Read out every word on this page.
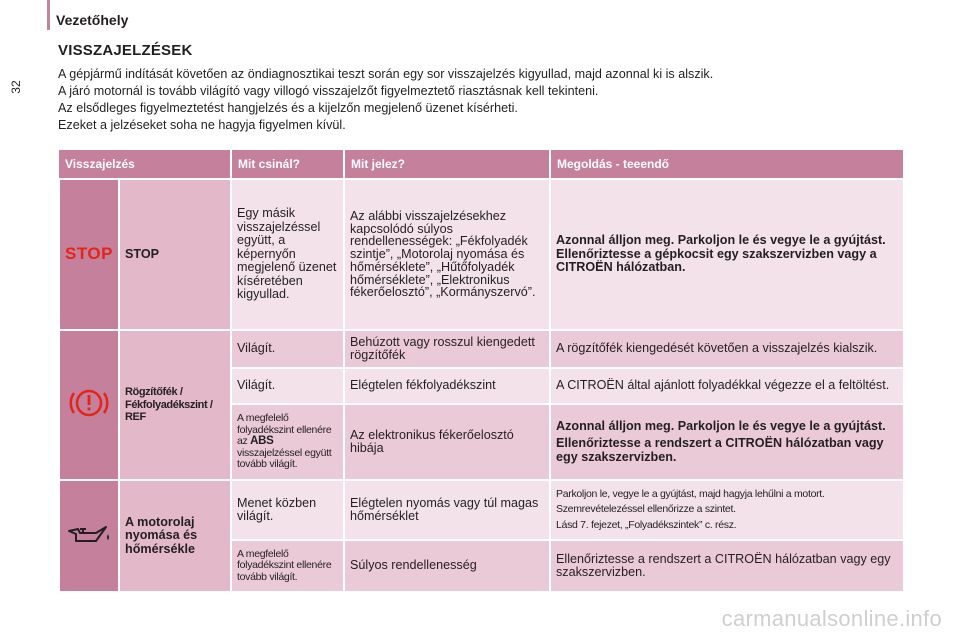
Vezetőhely
32
VISSZAJELZÉSEK

A gépjármű indítását követően az öndiagnosztikai teszt során egy sor visszajelzés kigyullad, majd azonnal ki is alszik.

A járó motornál is tovább világító vagy villogó visszajelzőt figyelmeztető riasztásnak kell tekinteni.

Az elsődleges figyelmeztetést hangjelzés és a kijelzőn megjelenő üzenet kísérheti.

Ezeket a jelzéseket soha ne hagyja figyelmen kívül.

Visszajelzés		Mit csinál?	Mit jelez?	Megoldás - teeendő
STOP	STOP	Egy másik visszajelzéssel együtt, a képernyőn megjelenő üzenet kíséretében kigyullad.	Az alábbi visszajelzésekhez kapcsolódó súlyos rendellenességek: „Fékfolyadék szintje”, „Motorolaj nyomása és hőmérséklete”, „Hűtőfolyadék hőmérséklete”, „Elektronikus fékerőelosztó”, „Kormányszervó”.	Azonnal álljon meg. Parkoljon le és vegye le a gyújtást. Ellenőriztesse a gépkocsit egy szakszervizben vagy a CITROËN hálózatban.
	Rögzítőfék / Fékfolyadékszint / REF	Világít.	Behúzott vagy rosszul kiengedett rögzítőfék	A rögzítőfék kiengedését követően a visszajelzés kialszik.
		Világít.	Elégtelen fékfolyadékszint	A CITROËN által ajánlott folyadékkal végezze el a feltöltést.
		A megfelelő folyadékszint ellenére az ABS visszajelzéssel együtt tovább világít.	Az elektronikus fékerőelosztó hibája	Azonnal álljon meg. Parkoljon le és vegye le a gyújtást.
Ellenőriztesse a rendszert a CITROËN hálózatban vagy egy szakszervizben.

	A motorolaj nyomása és hőmérsékle	Menet közben világít.	Elégtelen nyomás vagy túl magas hőmérséklet	Parkoljon le, vegye le a gyújtást, majd hagyja lehűlni a motort.
Szemrevételezéssel ellenőrizze a szintet.
Lásd 7. fejezet, „Folyadékszintek” c. rész.

		A megfelelő folyadékszint ellenére tovább világít.	Súlyos rendellenesség	Ellenőriztesse a rendszert a CITROËN hálózatban vagy egy szakszervizben.
carmanualsonline.info
